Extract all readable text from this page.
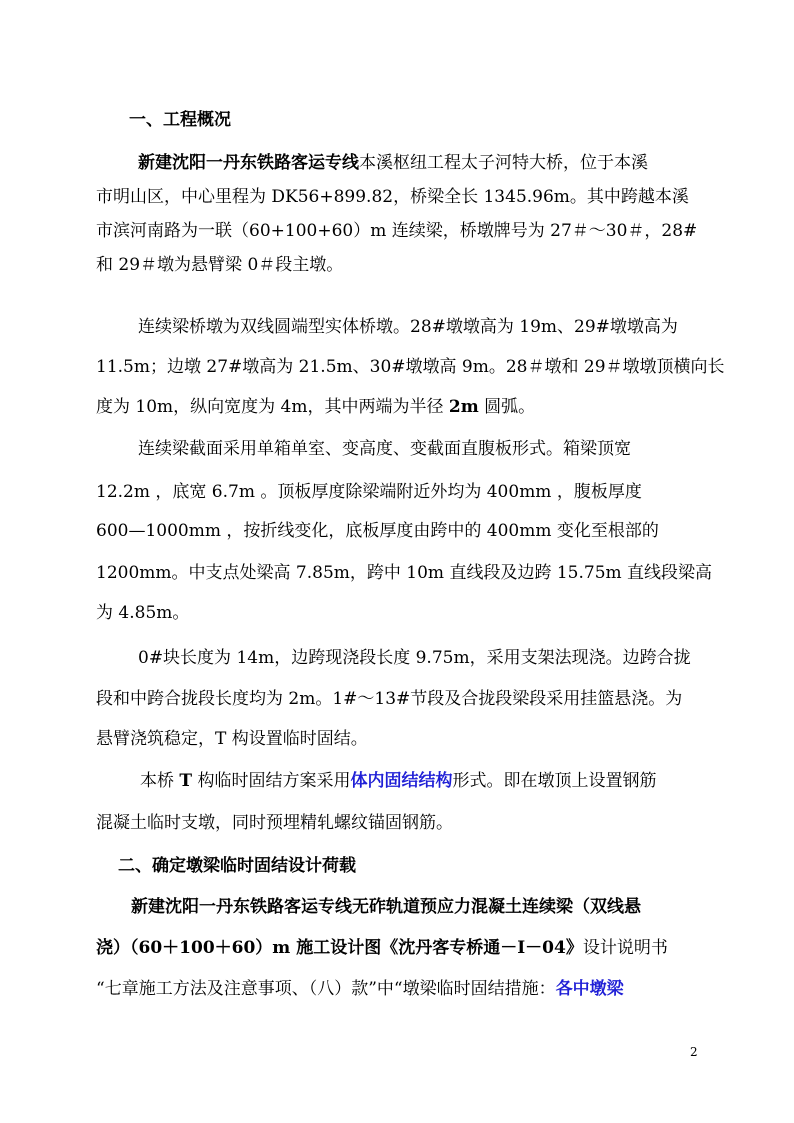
一、工程概况
新建沈阳一丹东铁路客运专线本溪枢纽工程太子河特大桥，位于本溪
市明山区，中心里程为 DK56+899.82，桥梁全长 1345.96m。其中跨越本溪
市滨河南路为一联（60+100+60）m 连续梁，桥墩牌号为 27＃～30＃，28#
和 29＃墩为悬臂梁 0＃段主墩。
连续梁桥墩为双线圆端型实体桥墩。28#墩墩高为 19m、29#墩墩高为
11.5m；边墩 27#墩高为 21.5m、30#墩墩高 9m。28＃墩和 29＃墩墩顶横向长
度为 10m，纵向宽度为 4m，其中两端为半径 2m 圆弧。
连续梁截面采用单箱单室、变高度、变截面直腹板形式。箱梁顶宽
12.2m ，底宽 6.7m 。顶板厚度除梁端附近外均为 400mm ，腹板厚度
600—1000mm ，按折线变化，底板厚度由跨中的 400mm 变化至根部的
1200mm。中支点处梁高 7.85m，跨中 10m 直线段及边跨 15.75m 直线段梁高
为 4.85m。
0#块长度为 14m，边跨现浇段长度 9.75m，采用支架法现浇。边跨合拢
段和中跨合拢段长度均为 2m。1#～13#节段及合拢段梁段采用挂篮悬浇。为
悬臂浇筑稳定，T 构设置临时固结。
本桥 T 构临时固结方案采用体内固结结构形式。即在墩顶上设置钢筋
混凝土临时支墩，同时预埋精轧螺纹锚固钢筋。
二、确定墩梁临时固结设计荷载
新建沈阳一丹东铁路客运专线无砟轨道预应力混凝土连续梁（双线悬
浇）（60＋100＋60）m 施工设计图《沈丹客专桥通－Ⅰ－04》设计说明书
“七章施工方法及注意事项、（八）款”中“墩梁临时固结措施：各中墩梁
2
